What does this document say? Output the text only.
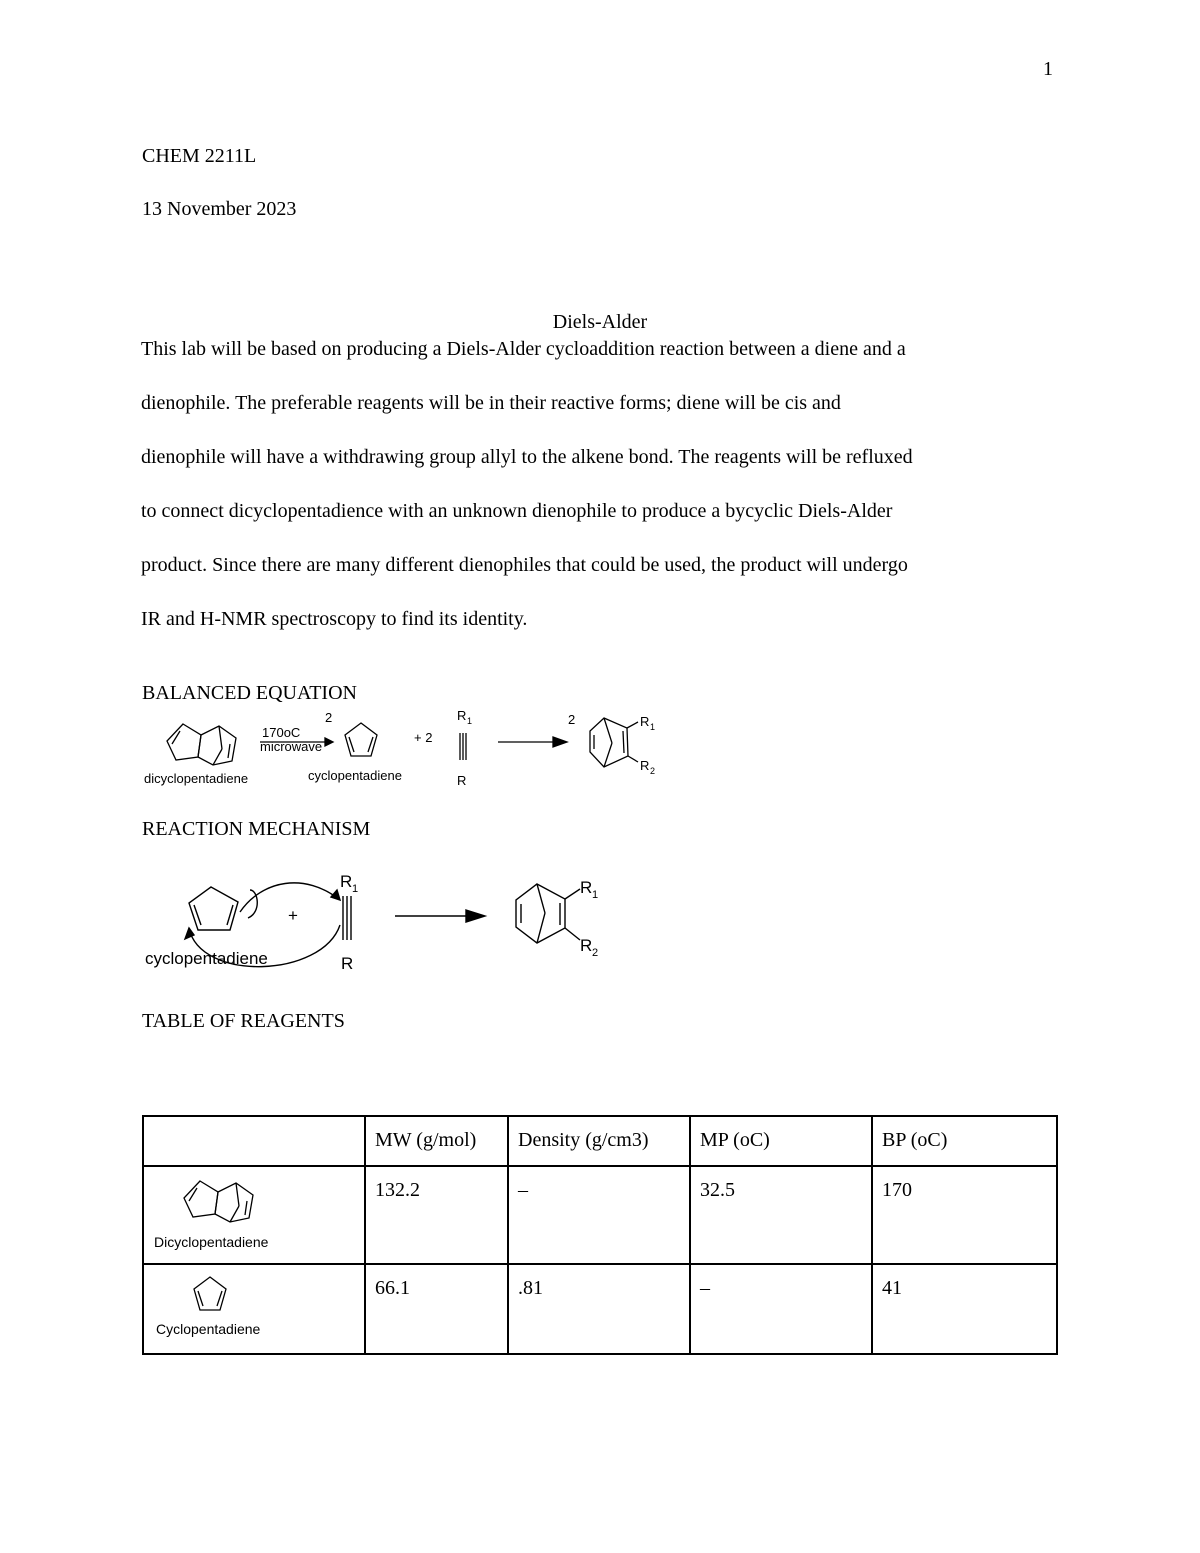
1
CHEM 2211L
13 November 2023
Diels-Alder
This lab will be based on producing a Diels-Alder cycloaddition reaction between a diene and a
dienophile. The preferable reagents will be in their reactive forms; diene will be cis and
dienophile will have a withdrawing group allyl to the alkene bond. The reagents will be refluxed
to connect dicyclopentadience with an unknown dienophile to produce a bycyclic Diels-Alder
product. Since there are many different dienophiles that could be used, the product will undergo
IR and H-NMR spectroscopy to find its identity.
BALANCED EQUATION
dicyclopentadiene
170oC
microwave
2
cyclopentadiene
+ 2
R 1
R
2	R 1
R 2
REACTION MECHANISM
cyclopentadiene
+
R 1
R
R 1
R 2
TABLE OF REAGENTS
	MW (g/mol)	Density (g/cm3)	MP (oC)	BP (oC)

Dicyclopentadiene	132.2	–	32.5	170

Cyclopentadiene	66.1	.81	–	41
